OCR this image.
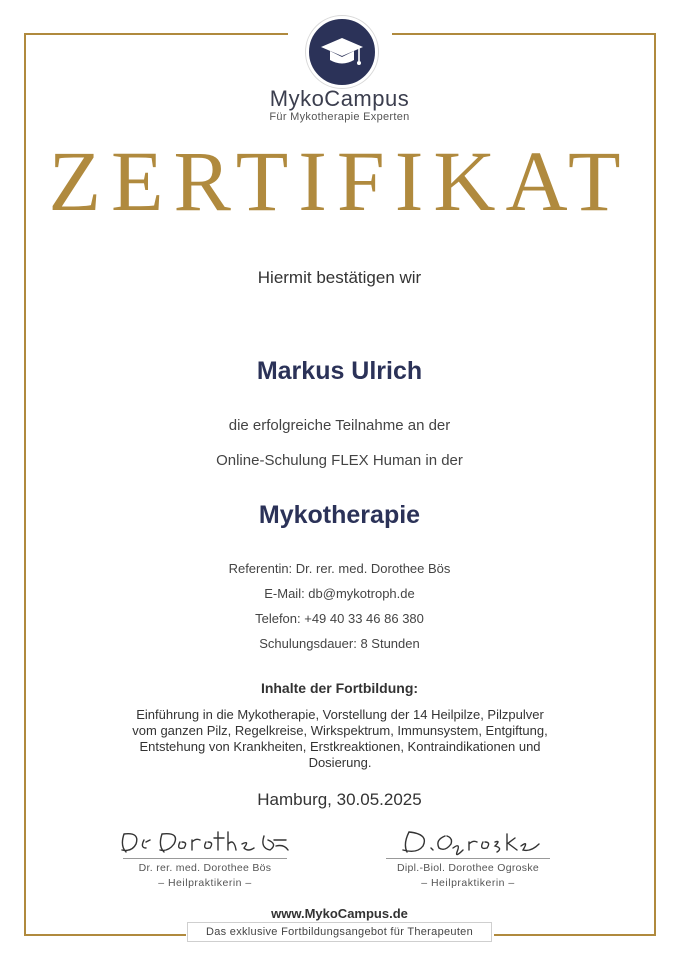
MykoCampus
Für Mykotherapie Experten
ZERTIFIKAT
Hiermit bestätigen wir
Markus Ulrich
die erfolgreiche Teilnahme an der
Online-Schulung FLEX Human in der
Mykotherapie
Referentin: Dr. rer. med. Dorothee Bös
E-Mail: db@mykotroph.de
Telefon: +49 40 33 46 86 380
Schulungsdauer: 8 Stunden
Inhalte der Fortbildung:
Einführung in die Mykotherapie, Vorstellung der 14 Heilpilze, Pilzpulver vom ganzen Pilz, Regelkreise, Wirkspektrum, Immunsystem, Entgiftung, Entstehung von Krankheiten, Erstkreaktionen, Kontraindikationen und Dosierung.
Hamburg, 30.05.2025
Dr. rer. med. Dorothee Bös
– Heilpraktikerin –
Dipl.-Biol. Dorothee Ogroske
– Heilpraktikerin –
www.MykoCampus.de
Das exklusive Fortbildungsangebot für Therapeuten
